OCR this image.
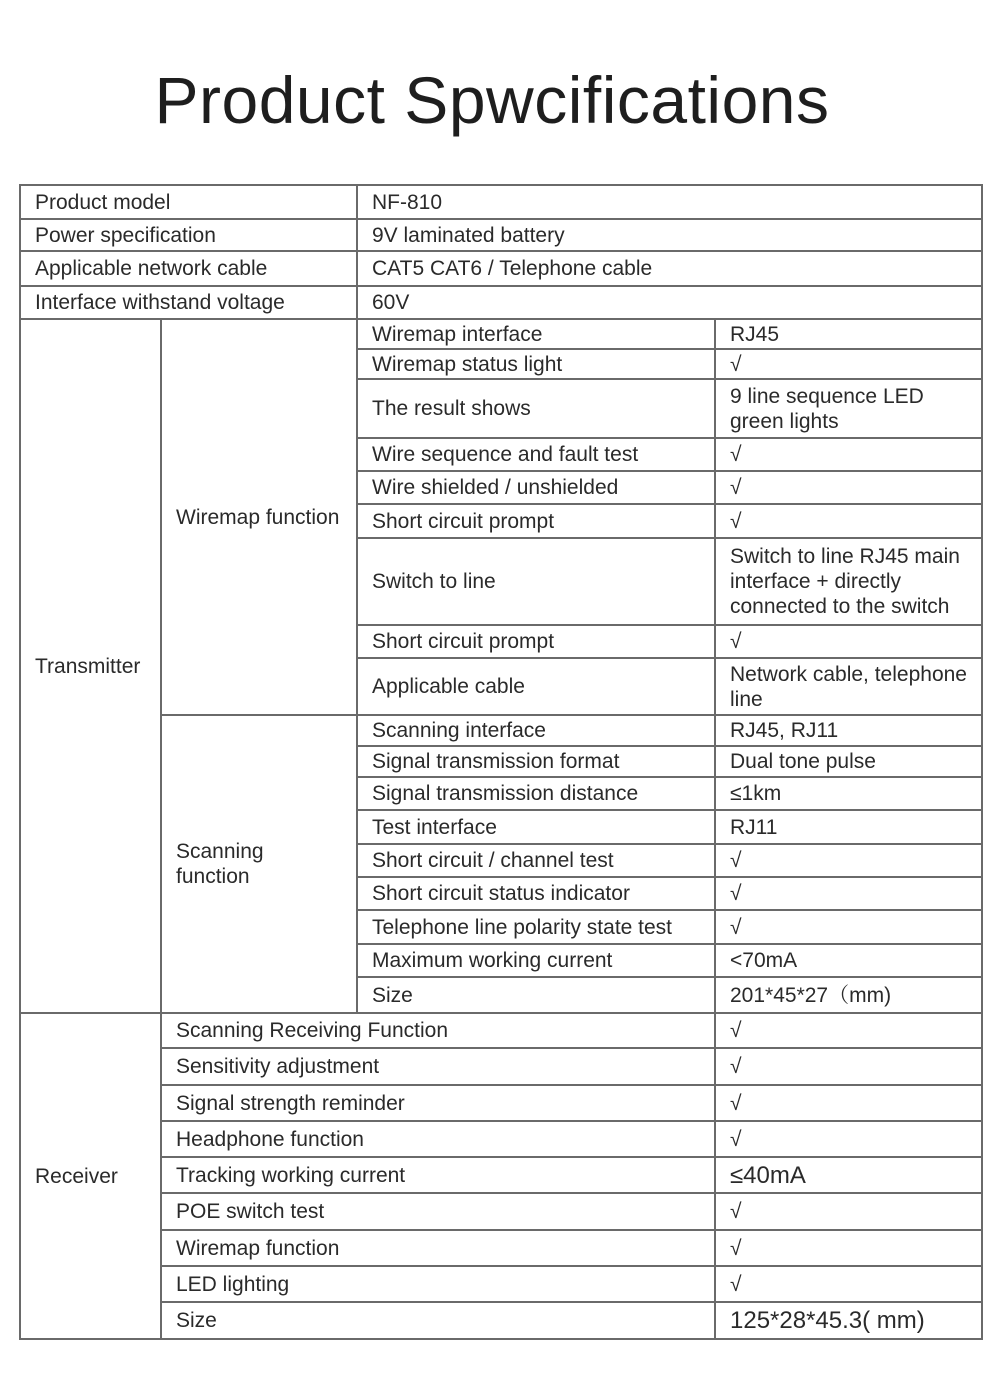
Product Spwcifications
Product model		NF-810	
Power specification		9V laminated battery	
Applicable network cable		CAT5 CAT6 / Telephone cable	
Interface withstand voltage		60V	
Transmitter	Wiremap function	Wiremap interface	RJ45
		Wiremap status light	√
		The result shows	9 line sequence LED green lights
		Wire sequence and fault test	√
		Wire shielded / unshielded	√
		Short circuit prompt	√
		Switch to line	Switch to line RJ45 main interface + directly connected to the switch
		Short circuit prompt	√
		Applicable cable	Network cable, telephone line
	Scanning function	Scanning interface	RJ45, RJ11
		Signal transmission format	Dual tone pulse
		Signal transmission distance	≤1km
		Test interface	RJ11
		Short circuit / channel test	√
		Short circuit status indicator	√
		Telephone line polarity state test	√
		Maximum working current	<70mA
		Size	201*45*27（mm)
Receiver	Scanning Receiving Function		√
	Sensitivity adjustment		√
	Signal strength reminder		√
	Headphone function		√
	Tracking working current		≤40mA
	POE switch test		√
	Wiremap function		√
	LED lighting		√
	Size		125*28*45.3( mm)
